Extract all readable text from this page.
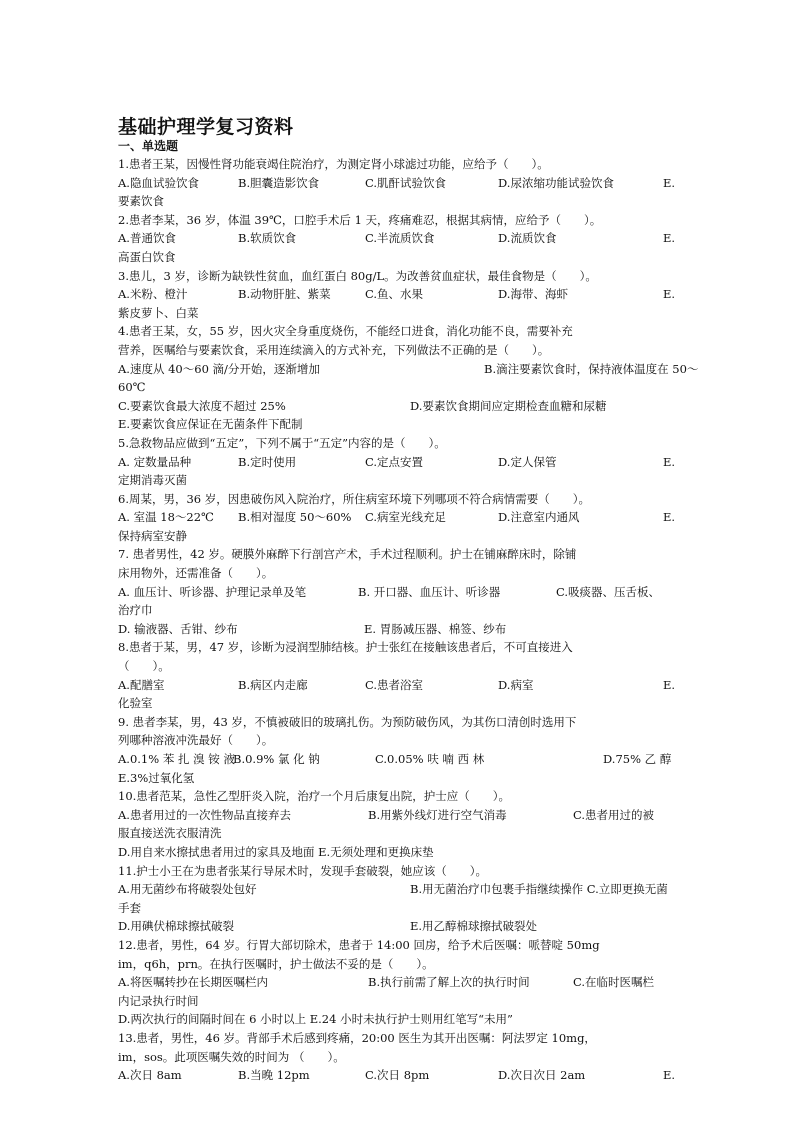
基础护理学复习资料
一、单选题
1.患者王某，因慢性肾功能衰竭住院治疗，为测定肾小球滤过功能，应给予（　　）。
A.隐血试验饮食	B.胆囊造影饮食	C.肌酐试验饮食	D.尿浓缩功能试验饮食	E.
要素饮食
2.患者李某，36 岁，体温 39℃，口腔手术后 1 天，疼痛难忍，根据其病情，应给予（　　）。
A.普通饮食	B.软质饮食	C.半流质饮食	D.流质饮食	E.
高蛋白饮食
3.患儿，3 岁，诊断为缺铁性贫血，血红蛋白 80g/L。为改善贫血症状，最佳食物是（　　）。
A.米粉、橙汁	B.动物肝脏、紫菜	C.鱼、水果	D.海带、海虾	E.
紫皮萝卜、白菜
4.患者王某，女，55 岁，因火灾全身重度烧伤，不能经口进食，消化功能不良，需要补充
营养，医嘱给与要素饮食，采用连续滴入的方式补充，下列做法不正确的是（　　）。
A.速度从 40～60 滴/分开始，逐渐增加	B.滴注要素饮食时，保持液体温度在 50～
60℃
C.要素饮食最大浓度不超过 25%	D.要素饮食期间应定期检查血糖和尿糖
E.要素饮食应保证在无菌条件下配制
5.急救物品应做到“五定”，下列不属于“五定”内容的是（　　）。
A. 定数量品种	B.定时使用	C.定点安置	D.定人保管	E.
定期消毒灭菌
6.周某，男，36 岁，因患破伤风入院治疗，所住病室环境下列哪项不符合病情需要（　　）。
A. 室温 18～22℃ B.相对湿度 50～60% C.病室光线充足	D.注意室内通风	E.
保持病室安静
7. 患者男性，42 岁。硬膜外麻醉下行剖宫产术，手术过程顺利。护士在铺麻醉床时，除铺
床用物外，还需准备（　　）。
A. 血压计、听诊器、护理记录单及笔	B. 开口器、血压计、听诊器	C.吸痰器、压舌板、
治疗巾
D. 输液器、舌钳、纱布	E. 胃肠减压器、棉签、纱布
8.患者于某，男，47 岁，诊断为浸润型肺结核。护士张红在接触该患者后，不可直接进入
（　　）。
A.配膳室	B.病区内走廊	C.患者浴室	D.病室	E.
化验室
9. 患者李某，男，43 岁，不慎被破旧的玻璃扎伤。为预防破伤风，为其伤口清创时选用下
列哪种溶液冲洗最好（　　）。
A.0.1% 苯 扎 溴 铵 液
B.0.9% 氯 化 钠	C.0.05% 呋 喃 西 林	D.75% 乙 醇
E.3%过氧化氢
10.患者范某，急性乙型肝炎入院，治疗一个月后康复出院，护士应（　　）。
A.患者用过的一次性物品直接弃去	B.用紫外线灯进行空气消毒	C.患者用过的被
服直接送洗衣服清洗
D.用自来水擦拭患者用过的家具及地面 E.无须处理和更换床垫
11.护士小王在为患者张某行导尿术时，发现手套破裂，她应该（　　）。
A.用无菌纱布将破裂处包好	B.用无菌治疗巾包裹手指继续操作 C.立即更换无菌
手套
D.用碘伏棉球擦拭破裂	E.用乙醇棉球擦拭破裂处
12.患者，男性，64 岁。行胃大部切除术，患者于 14:00 回房，给予术后医嘱：哌替啶 50mg
im，q6h，prn。在执行医嘱时，护士做法不妥的是（　　）。
A.将医嘱转抄在长期医嘱栏内	B.执行前需了解上次的执行时间	C.在临时医嘱栏
内记录执行时间
D.两次执行的间隔时间在 6 小时以上 E.24 小时未执行护士则用红笔写“未用”
13.患者，男性，46 岁。背部手术后感到疼痛，20:00 医生为其开出医嘱：阿法罗定 10mg，
im，sos。此项医嘱失效的时间为 （　　）。
A.次日 8am	B.当晚 12pm	C.次日 8pm	D.次日次日 2am	E.
